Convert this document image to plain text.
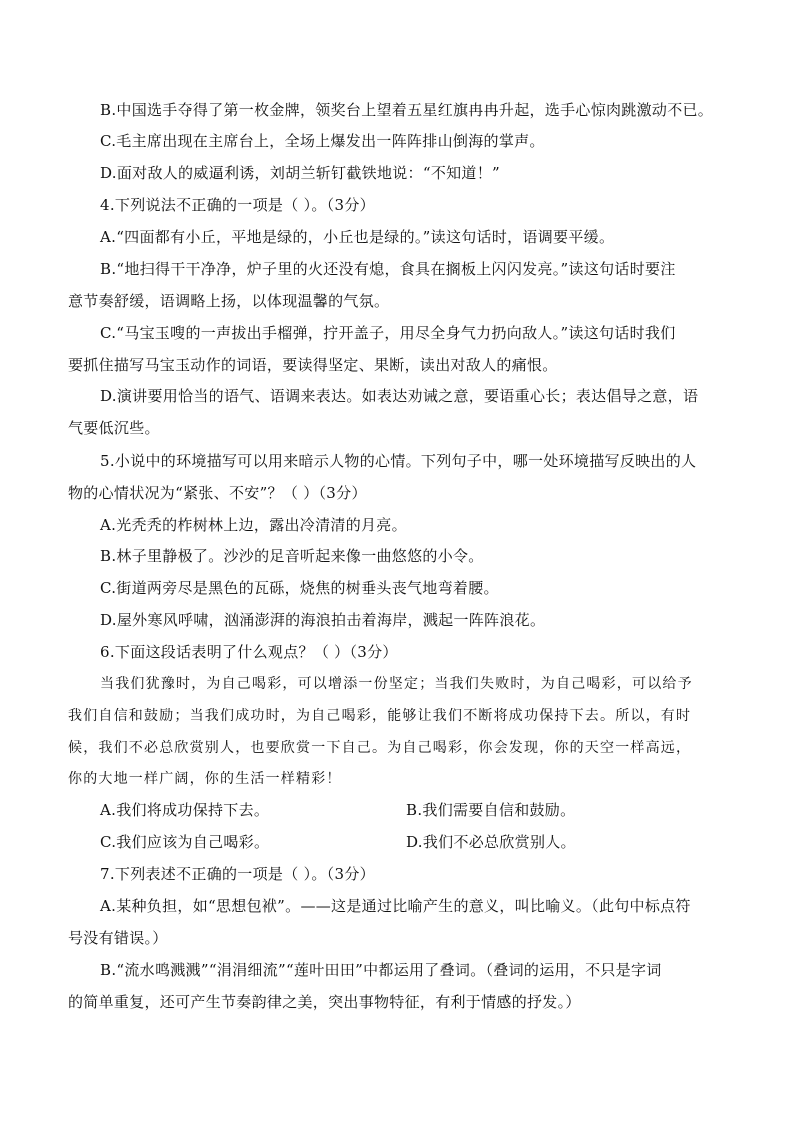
B.中国选手夺得了第一枚金牌，领奖台上望着五星红旗冉冉升起，选手心惊肉跳激动不已。
C.毛主席出现在主席台上，全场上爆发出一阵阵排山倒海的掌声。
D.面对敌人的威逼利诱，刘胡兰斩钉截铁地说：“不知道！”
4.下列说法不正确的一项是（ ）。（3分）
A.“四面都有小丘，平地是绿的，小丘也是绿的。”读这句话时，语调要平缓。
B.“地扫得干干净净，炉子里的火还没有熄，食具在搁板上闪闪发亮。”读这句话时要注
意节奏舒缓，语调略上扬，以体现温馨的气氛。
C.“马宝玉嗖的一声拔出手榴弹，拧开盖子，用尽全身气力扔向敌人。”读这句话时我们
要抓住描写马宝玉动作的词语，要读得坚定、果断，读出对敌人的痛恨。
D.演讲要用恰当的语气、语调来表达。如表达劝诫之意，要语重心长；表达倡导之意，语
气要低沉些。
5.小说中的环境描写可以用来暗示人物的心情。下列句子中，哪一处环境描写反映出的人
物的心情状况为“紧张、不安”？（ ）（3分）
A.光秃秃的柞树林上边，露出冷清清的月亮。
B.林子里静极了。沙沙的足音听起来像一曲悠悠的小令。
C.街道两旁尽是黑色的瓦砾，烧焦的树垂头丧气地弯着腰。
D.屋外寒风呼啸，汹涌澎湃的海浪拍击着海岸，溅起一阵阵浪花。
6.下面这段话表明了什么观点？（ ）（3分）
当我们犹豫时，为自己喝彩，可以增添一份坚定；当我们失败时，为自己喝彩，可以给予
我们自信和鼓励；当我们成功时，为自己喝彩，能够让我们不断将成功保持下去。所以，有时
候，我们不必总欣赏别人，也要欣赏一下自己。为自己喝彩，你会发现，你的天空一样高远，
你的大地一样广阔，你的生活一样精彩！
A.我们将成功保持下去。	B.我们需要自信和鼓励。
C.我们应该为自己喝彩。	D.我们不必总欣赏别人。
7.下列表述不正确的一项是（ ）。（3分）
A.某种负担，如“思想包袱”。——这是通过比喻产生的意义，叫比喻义。（此句中标点符
号没有错误。）
B.“流水鸣溅溅”“涓涓细流”“莲叶田田”中都运用了叠词。（叠词的运用，不只是字词
的简单重复，还可产生节奏韵律之美，突出事物特征，有利于情感的抒发。）
